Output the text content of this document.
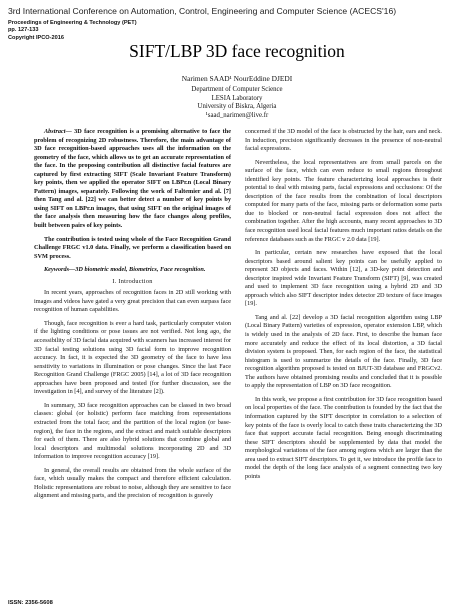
3rd International Conference on Automation, Control, Engineering and Computer Science (ACECS'16)
Proceedings of Engineering & Technology (PET)
pp. 127-133
Copyright IPCO-2016
SIFT/LBP 3D face recognition
Narimen SAAD¹ NourEddine DJEDI
Department of Computer Science
LESIA Laboratory
University of Biskra, Algeria
¹saad_narimen@live.fr

Abstract— 3D face recognition is a promising alternative to face the problem of recognizing 2D robustness. Therefore, the main advantage of 3D face recognition-based approaches uses all the information on the geometry of the face, which allows us to get an accurate representation of the face. In the proposing contribution all distinctive facial features are captured by first extracting SIFT (Scale Invariant Feature Transform) key points, then we applied the operator SIFT on LBPr.n (Local Binary Pattern) images, separately. Following the work of Faltemier and al. [7] then Tang and al. [22] we can better detect a number of key points by using SIFT on LBPr.n images, that using SIFT on the original images of the face analysis then measuring how the face changes along profiles, built between pairs of key points.

The contribution is tested using whole of the Face Recognition Grand Challenge FRGC v1.0 data. Finally, we perform a classification based on SVM process.

Keywords—3D biometric model, Biometrics, Face recognition.

I. Introduction

In recent years, approaches of recognition faces in 2D still working with images and videos have gated a very great precision that can even surpass face recognition of human capabilities.

Though, face recognition is ever a hard task, particularly computer vision if the lighting conditions or pose issues are not verified. Not long ago, the accessibility of 3D facial data acquired with scanners has increased interest for 3D facial testing solutions using 3D facial form to improve recognition accuracy. In fact, it is expected the 3D geometry of the face to have less sensitivity to variations in illumination or pose changes. Since the last Face Recognition Grand Challenge (FRGC 2005) [14], a lot of 3D face recognition approaches have been proposed and tested (for further discussion, see the investigation in [4], and survey of the literature [2]).

In summary, 3D face recognition approaches can be classed in two broad classes: global (or holistic) perform face matching from representations extracted from the total face; and the partition of the local region (or base-region), the face in the regions, and the extract and match suitable descriptors for each of them. There are also hybrid solutions that combine global and local descriptors and multimodal solutions incorporating 2D and 3D information to improve recognition accuracy [19].

In general, the overall results are obtained from the whole surface of the face, which usually makes the compact and therefore efficient calculation. Holistic representations are robust to noise, although they are sensitive to face alignment and missing parts, and the precision of recognition is gravely

concerned if the 3D model of the face is obstructed by the hair, ears and neck. In induction, precision significantly decreases in the presence of non-neutral facial expressions.

Nevertheless, the local representatives are from small parcels on the surface of the face, which can even reduce to small regions throughout identified key points. The feature characterizing local approaches is their potential to deal with missing parts, facial expressions and occlusions: Of the description of the face results from the combination of local descriptors computed for many parts of the face, missing parts or deformation some parts due to blocked or non-neutral facial expression does not affect the combination together. After the high accounts, many recent approaches to 3D face recognition used local facial features much important ratios details on the reference databases such as the FRGC v 2.0 data [19].

In particular, certain new researches have exposed that the local descriptors based around salient key points can be usefully applied to represent 3D objects and faces. Within [12], a 3D-key point detection and descriptor inspired wide Invariant Feature Transform (SIFT) [9], was created and used to implement 3D face recognition using a hybrid 2D and 3D approach which also SIFT descriptor index detector 2D texture of face images [19].

Tang and al. [22] develop a 3D facial recognition algorithm using LBP (Local Binary Pattern) varieties of expression, operator extension LBP, which is widely used in the analysis of 2D face. First, to describe the human face more accurately and reduce the effect of its local distortion, a 3D facial division system is proposed. Then, for each region of the face, the statistical histogram is used to summarize the details of the face. Finally, 3D face recognition algorithm proposed is tested on BJUT-3D database and FRGCv2. The authors have obtained promising results and concluded that it is possible to apply the representation of LBP on 3D face recognition.

In this work, we propose a first contribution for 3D face recognition based on local properties of the face. The contribution is founded by the fact that the information captured by the SIFT descriptor in correlation to a selection of key points of the face is overly local to catch these traits characterizing the 3D face that support accurate facial recognition. Being enough discriminating these SIFT descriptors should be supplemented by data that model the morphological variations of the face among regions which are larger than the area used to extract SIFT descriptors. To get it, we introduce the profile face to model the depth of the long face analysis of a segment connecting two key points

ISSN: 2356-5608
